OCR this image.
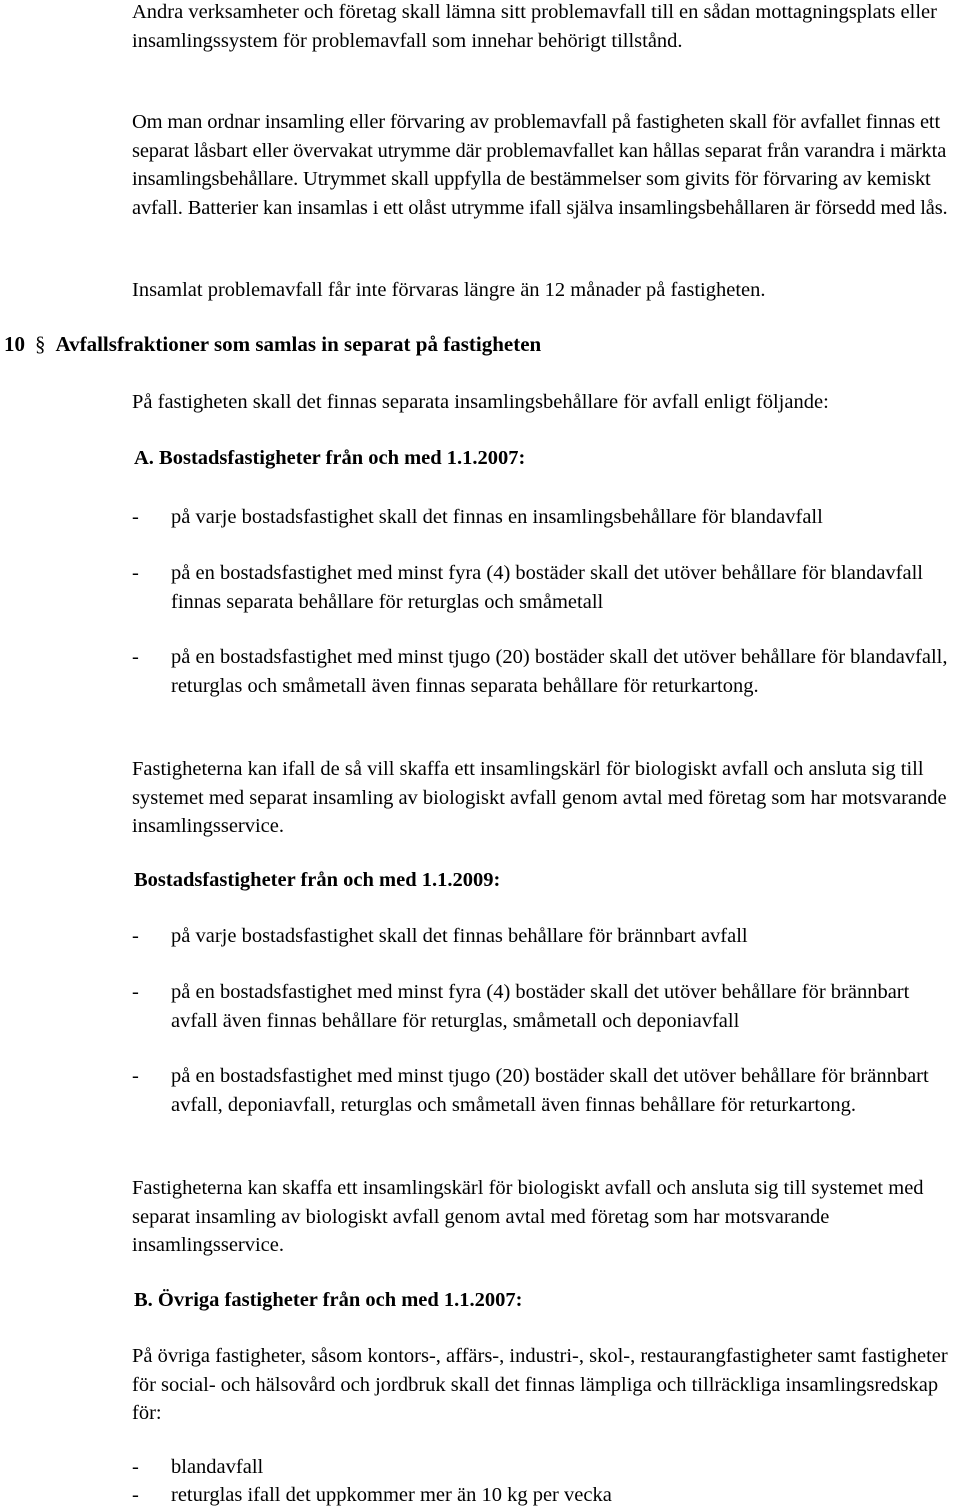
Andra verksamheter och företag skall lämna sitt problemavfall till en sådan mottagningsplats eller insamlingssystem för problemavfall som innehar behörigt tillstånd.

Om man ordnar insamling eller förvaring av problemavfall på fastigheten skall för avfallet finnas ett separat låsbart eller övervakat utrymme där problemavfallet kan hållas separat från varandra i märkta insamlingsbehållare. Utrymmet skall uppfylla de bestämmelser som givits för förvaring av kemiskt avfall. Batterier kan insamlas i ett olåst utrymme ifall själva insamlingsbehållaren är försedd med lås.

Insamlat problemavfall får inte förvaras längre än 12 månader på fastigheten.

10 § Avfallsfraktioner som samlas in separat på fastigheten

På fastigheten skall det finnas separata insamlingsbehållare för avfall enligt följande:

A. Bostadsfastigheter från och med 1.1.2007:

- på varje bostadsfastighet skall det finnas en insamlingsbehållare för blandavfall

- på en bostadsfastighet med minst fyra (4) bostäder skall det utöver behållare för blandavfall finnas separata behållare för returglas och småmetall

- på en bostadsfastighet med minst tjugo (20) bostäder skall det utöver behållare för blandavfall, returglas och småmetall även finnas separata behållare för returkartong.

Fastigheterna kan ifall de så vill skaffa ett insamlingskärl för biologiskt avfall och ansluta sig till systemet med separat insamling av biologiskt avfall genom avtal med företag som har motsvarande insamlingsservice.

Bostadsfastigheter från och med 1.1.2009:

- på varje bostadsfastighet skall det finnas behållare för brännbart avfall

- på en bostadsfastighet med minst fyra (4) bostäder skall det utöver behållare för brännbart avfall även finnas behållare för returglas, småmetall och deponiavfall

- på en bostadsfastighet med minst tjugo (20) bostäder skall det utöver behållare för brännbart avfall, deponiavfall, returglas och småmetall även finnas behållare för returkartong.

Fastigheterna kan skaffa ett insamlingskärl för biologiskt avfall och ansluta sig till systemet med separat insamling av biologiskt avfall genom avtal med företag som har motsvarande insamlingsservice.

B. Övriga fastigheter från och med 1.1.2007:

På övriga fastigheter, såsom kontors-, affärs-, industri-, skol-, restaurangfastigheter samt fastigheter för social- och hälsovård och jordbruk skall det finnas lämpliga och tillräckliga insamlingsredskap för:

- blandavfall

- returglas ifall det uppkommer mer än 10 kg per vecka
